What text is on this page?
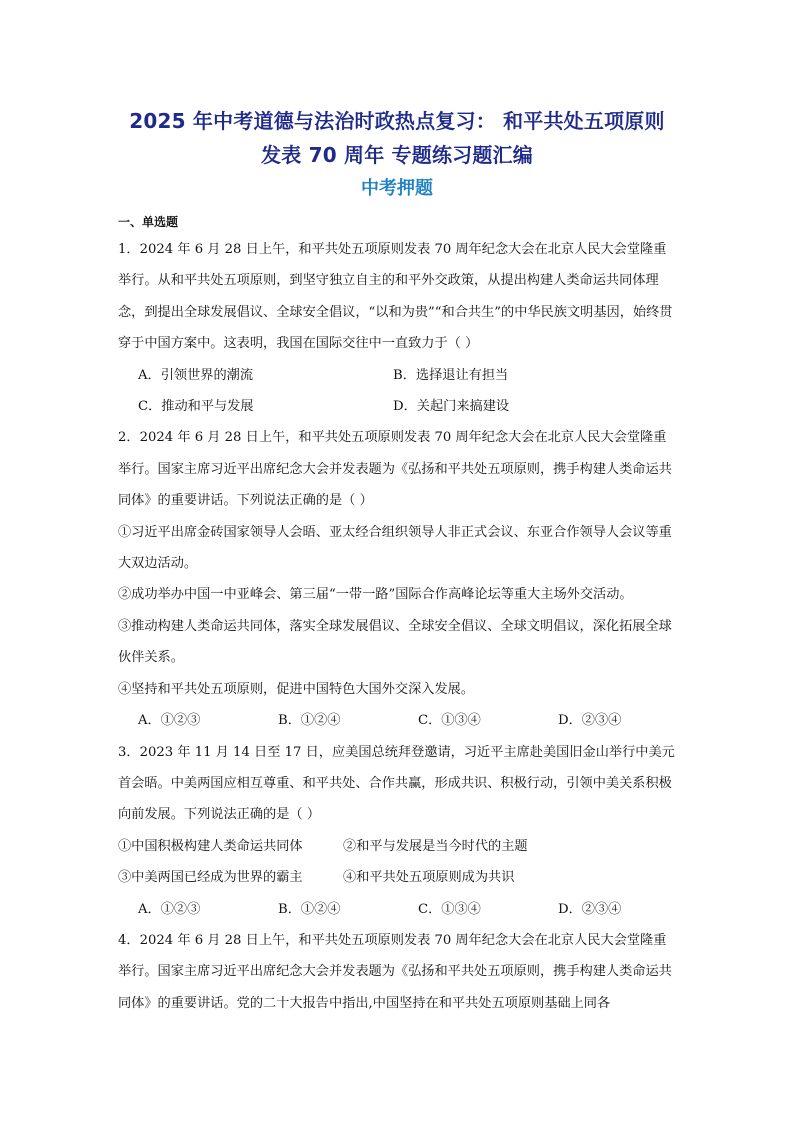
2025 年中考道德与法治时政热点复习： 和平共处五项原则
发表 70 周年 专题练习题汇编
中考押题
一、单选题

1．2024 年 6 月 28 日上午，和平共处五项原则发表 70 周年纪念大会在北京人民大会堂隆重举行。从和平共处五项原则，到坚守独立自主的和平外交政策，从提出构建人类命运共同体理念，到提出全球发展倡议、全球安全倡议，“以和为贵”“和合共生”的中华民族文明基因，始终贯穿于中国方案中。这表明，我国在国际交往中一直致力于（ ）

A．引领世界的潮流	B．选择退让有担当
C．推动和平与发展	D．关起门来搞建设

2．2024 年 6 月 28 日上午，和平共处五项原则发表 70 周年纪念大会在北京人民大会堂隆重举行。国家主席习近平出席纪念大会并发表题为《弘扬和平共处五项原则，携手构建人类命运共同体》的重要讲话。下列说法正确的是（ ）

①习近平出席金砖国家领导人会晤、亚太经合组织领导人非正式会议、东亚合作领导人会议等重大双边活动。

②成功举办中国一中亚峰会、第三届“一带一路”国际合作高峰论坛等重大主场外交活动。

③推动构建人类命运共同体，落实全球发展倡议、全球安全倡议、全球文明倡议，深化拓展全球伙伴关系。

④坚持和平共处五项原则，促进中国特色大国外交深入发展。

A．①②③	B．①②④	C．①③④	D．②③④

3．2023 年 11 月 14 日至 17 日，应美国总统拜登邀请，习近平主席赴美国旧金山举行中美元首会晤。中美两国应相互尊重、和平共处、合作共赢，形成共识、积极行动，引领中美关系积极向前发展。下列说法正确的是（ ）

①中国积极构建人类命运共同体	②和平与发展是当今时代的主题
③中美两国已经成为世界的霸主	④和平共处五项原则成为共识
A．①②③	B．①②④	C．①③④	D．②③④

4．2024 年 6 月 28 日上午，和平共处五项原则发表 70 周年纪念大会在北京人民大会堂隆重举行。国家主席习近平出席纪念大会并发表题为《弘扬和平共处五项原则，携手构建人类命运共同体》的重要讲话。党的二十大报告中指出,中国坚持在和平共处五项原则基础上同各
